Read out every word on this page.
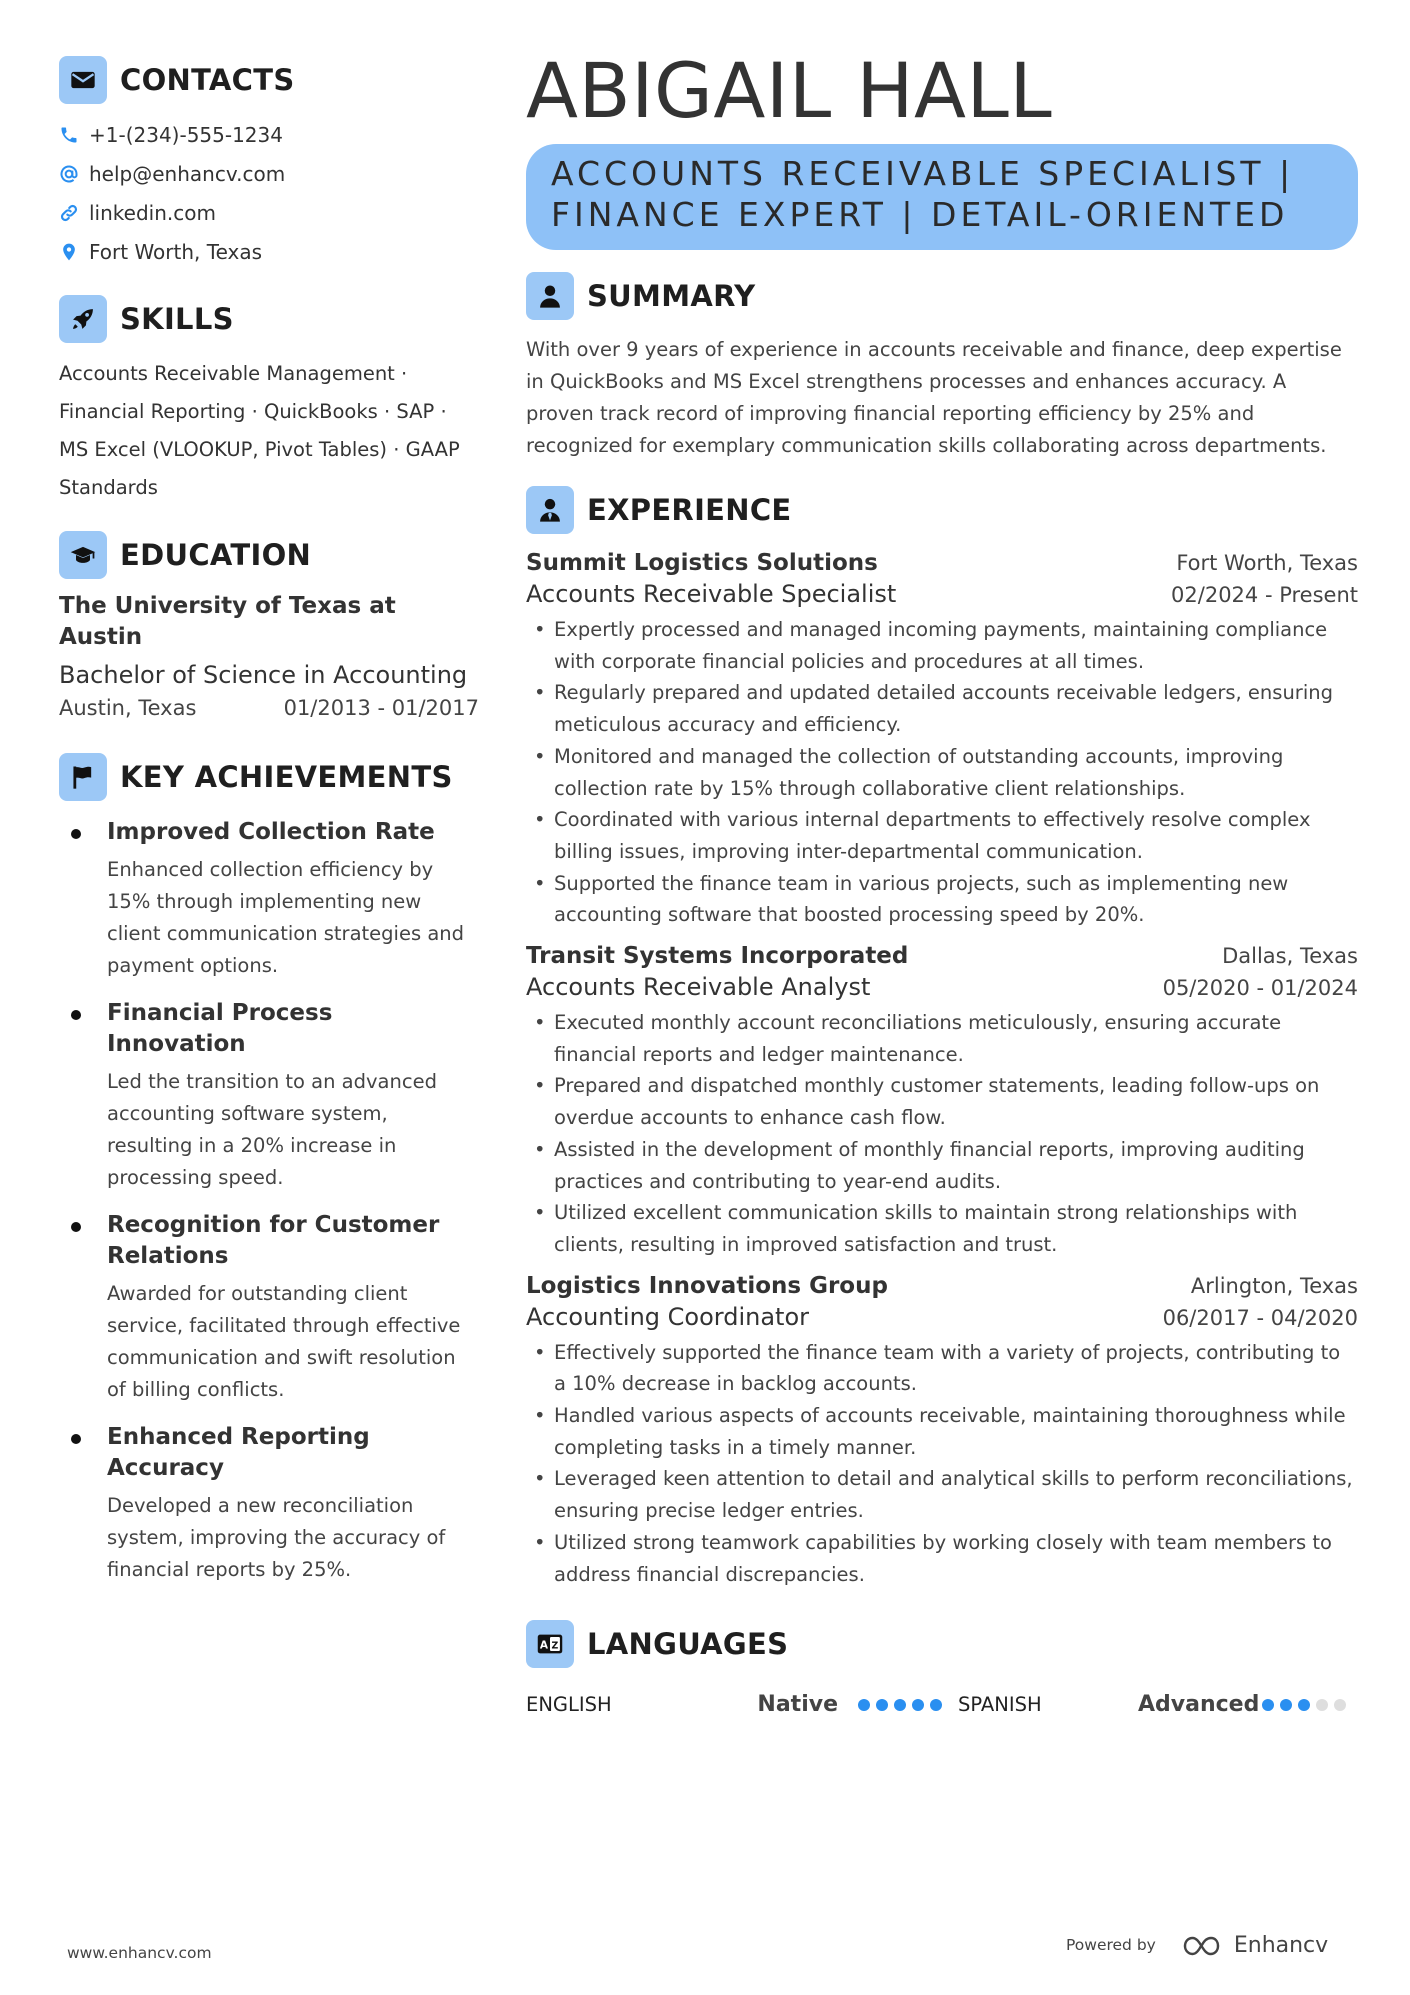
CONTACTS
+1-(234)-555-1234
help@enhancv.com
linkedin.com
Fort Worth, Texas
SKILLS
Accounts Receivable Management · Financial Reporting · QuickBooks · SAP · MS Excel (VLOOKUP, Pivot Tables) · GAAP Standards
EDUCATION
The University of Texas at Austin
Bachelor of Science in Accounting
Austin, Texas	01/2013 - 01/2017
KEY ACHIEVEMENTS
Improved Collection Rate
Enhanced collection efficiency by 15% through implementing new client communication strategies and payment options.
Financial Process Innovation
Led the transition to an advanced accounting software system, resulting in a 20% increase in processing speed.
Recognition for Customer Relations
Awarded for outstanding client service, facilitated through effective communication and swift resolution of billing conflicts.
Enhanced Reporting Accuracy
Developed a new reconciliation system, improving the accuracy of financial reports by 25%.
ABIGAIL HALL
ACCOUNTS RECEIVABLE SPECIALIST | FINANCE EXPERT | DETAIL-ORIENTED
SUMMARY
With over 9 years of experience in accounts receivable and finance, deep expertise in QuickBooks and MS Excel strengthens processes and enhances accuracy. A proven track record of improving financial reporting efficiency by 25% and recognized for exemplary communication skills collaborating across departments.
EXPERIENCE
Summit Logistics Solutions	Fort Worth, Texas
Accounts Receivable Specialist	02/2024 - Present
• Expertly processed and managed incoming payments, maintaining compliance with corporate financial policies and procedures at all times.
• Regularly prepared and updated detailed accounts receivable ledgers, ensuring meticulous accuracy and efficiency.
• Monitored and managed the collection of outstanding accounts, improving collection rate by 15% through collaborative client relationships.
• Coordinated with various internal departments to effectively resolve complex billing issues, improving inter-departmental communication.
• Supported the finance team in various projects, such as implementing new accounting software that boosted processing speed by 20%.
Transit Systems Incorporated	Dallas, Texas
Accounts Receivable Analyst	05/2020 - 01/2024
• Executed monthly account reconciliations meticulously, ensuring accurate financial reports and ledger maintenance.
• Prepared and dispatched monthly customer statements, leading follow-ups on overdue accounts to enhance cash flow.
• Assisted in the development of monthly financial reports, improving auditing practices and contributing to year-end audits.
• Utilized excellent communication skills to maintain strong relationships with clients, resulting in improved satisfaction and trust.
Logistics Innovations Group	Arlington, Texas
Accounting Coordinator	06/2017 - 04/2020
• Effectively supported the finance team with a variety of projects, contributing to a 10% decrease in backlog accounts.
• Handled various aspects of accounts receivable, maintaining thoroughness while completing tasks in a timely manner.
• Leveraged keen attention to detail and analytical skills to perform reconciliations, ensuring precise ledger entries.
• Utilized strong teamwork capabilities by working closely with team members to address financial discrepancies.
A Z LANGUAGES
ENGLISH	Native	SPANISH	Advanced
www.enhancv.com	Powered by	Enhancv
